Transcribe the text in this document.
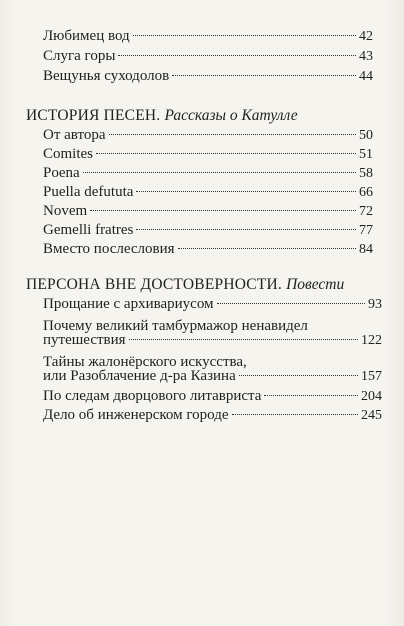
Любимец вод	42
Слуга горы	43
Вещунья суходолов	44
ИСТОРИЯ ПЕСЕН. Рассказы о Катулле
От автора	50
Comites	51
Poena	58
Puella defututa	66
Novem	72
Gemelli fratres	77
Вместо послесловия	84
ПЕРСОНА ВНЕ ДОСТОВЕРНОСТИ. Повести
Прощание с архивариусом	93
Почему великий тамбурмажор ненавидел
путешествия	122
Тайны жалонёрского искусства,
или Разоблачение д-ра Казина	157
По следам дворцового литавриста	204
Дело об инженерском городе	245
